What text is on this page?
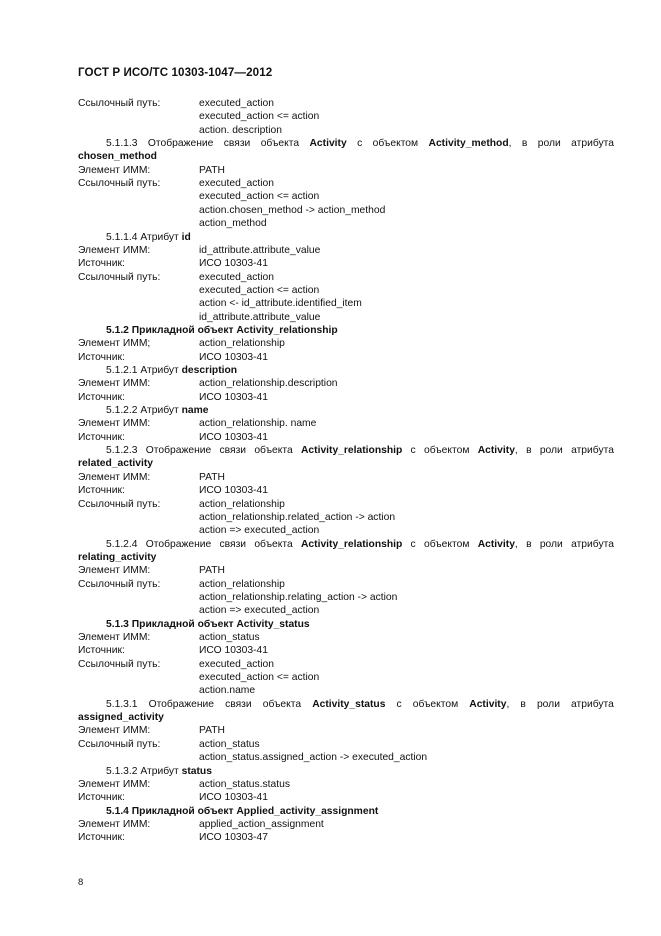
ГОСТ Р ИСО/ТС 10303-1047—2012
Ссылочный путь:	executed_action
executed_action <= action
action. description
5.1.1.3 Отображение связи объекта Activity с объектом Activity_method, в роли атрибута
chosen_method
Элемент ИММ:	PATH
Ссылочный путь:	executed_action
executed_action <= action
action.chosen_method -> action_method
action_method
5.1.1.4 Атрибут id
Элемент ИММ:	id_attribute.attribute_value
Источник:	ИСО 10303-41
Ссылочный путь:	executed_action
executed_action <= action
action <- id_attribute.identified_item
id_attribute.attribute_value
5.1.2 Прикладной объект Activity_relationship
Элемент ИММ;	action_relationship
Источник:	ИСО 10303-41
5.1.2.1 Атрибут description
Элемент ИММ:	action_relationship.description
Источник:	ИСО 10303-41
5.1.2.2 Атрибут name
Элемент ИММ:	action_relationship. name
Источник:	ИСО 10303-41
5.1.2.3 Отображение связи объекта Activity_relationship с объектом Activity, в роли атрибута
related_activity
Элемент ИММ:	PATH
Источник:	ИСО 10303-41
Ссылочный путь:	action_relationship
action_relationship.related_action -> action
action => executed_action
5.1.2.4 Отображение связи объекта Activity_relationship с объектом Activity, в роли атрибута
relating_activity
Элемент ИММ:	PATH
Ссылочный путь:	action_relationship
action_relationship.relating_action -> action
action => executed_action
5.1.3 Прикладной объект Activity_status
Элемент ИММ:	action_status
Источник:	ИСО 10303-41
Ссылочный путь:	executed_action
executed_action <= action
action.name
5.1.3.1 Отображение связи объекта Activity_status с объектом Activity, в роли атрибута
assigned_activity
Элемент ИММ:	PATH
Ссылочный путь:	action_status
action_status.assigned_action -> executed_action
5.1.3.2 Атрибут status
Элемент ИММ:	action_status.status
Источник:	ИСО 10303-41
5.1.4 Прикладной объект Applied_activity_assignment
Элемент ИММ:	applied_action_assignment
Источник:	ИСО 10303-47
8
